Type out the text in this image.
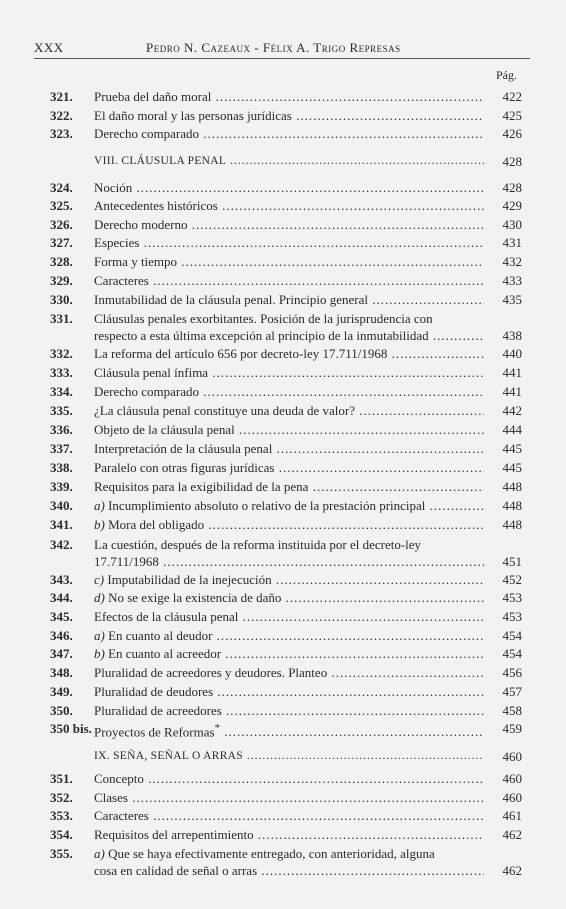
XXX	Pedro N. Cazeaux - Félix A. Trigo Represas
Pág.
321.	Prueba del daño moral .....	422
322.	El daño moral y las personas jurídicas .....	425
323.	Derecho comparado .....	426
VIII. CLÁUSULA PENAL .....	428
324.	Noción .....	428
325.	Antecedentes históricos .....	429
326.	Derecho moderno .....	430
327.	Especies .....	431
328.	Forma y tiempo .....	432
329.	Caracteres .....	433
330.	Inmutabilidad de la cláusula penal. Principio general .....	435
331.	Cláusulas penales exorbitantes. Posición de la jurisprudencia con
respecto a esta última excepción al principio de la inmutabilidad .....	438
332.	La reforma del artículo 656 por decreto-ley 17.711/1968 .....	440
333.	Cláusula penal ínfima .....	441
334.	Derecho comparado .....	441
335.	¿La cláusula penal constituye una deuda de valor? .....	442
336.	Objeto de la cláusula penal .....	444
337.	Interpretación de la cláusula penal .....	445
338.	Paralelo con otras figuras jurídicas .....	445
339.	Requisitos para la exigibilidad de la pena .....	448
340.	a) Incumplimiento absoluto o relativo de la prestación principal .....	448
341.	b) Mora del obligado .....	448
342.	La cuestión, después de la reforma instituida por el decreto-ley
17.711/1968 .....	451
343.	c) Imputabilidad de la inejecución .....	452
344.	d) No se exige la existencia de daño .....	453
345.	Efectos de la cláusula penal .....	453
346.	a) En cuanto al deudor .....	454
347.	b) En cuanto al acreedor .....	454
348.	Pluralidad de acreedores y deudores. Planteo .....	456
349.	Pluralidad de deudores .....	457
350.	Pluralidad de acreedores .....	458
350 bis. Proyectos de Reformas* .....	459
IX. SEÑA, SEÑAL O ARRAS .....	460
351.	Concepto .....	460
352.	Clases .....	460
353.	Caracteres .....	461
354.	Requisitos del arrepentimiento .....	462
355.	a) Que se haya efectivamente entregado, con anterioridad, alguna
cosa en calidad de señal o arras .....	462
